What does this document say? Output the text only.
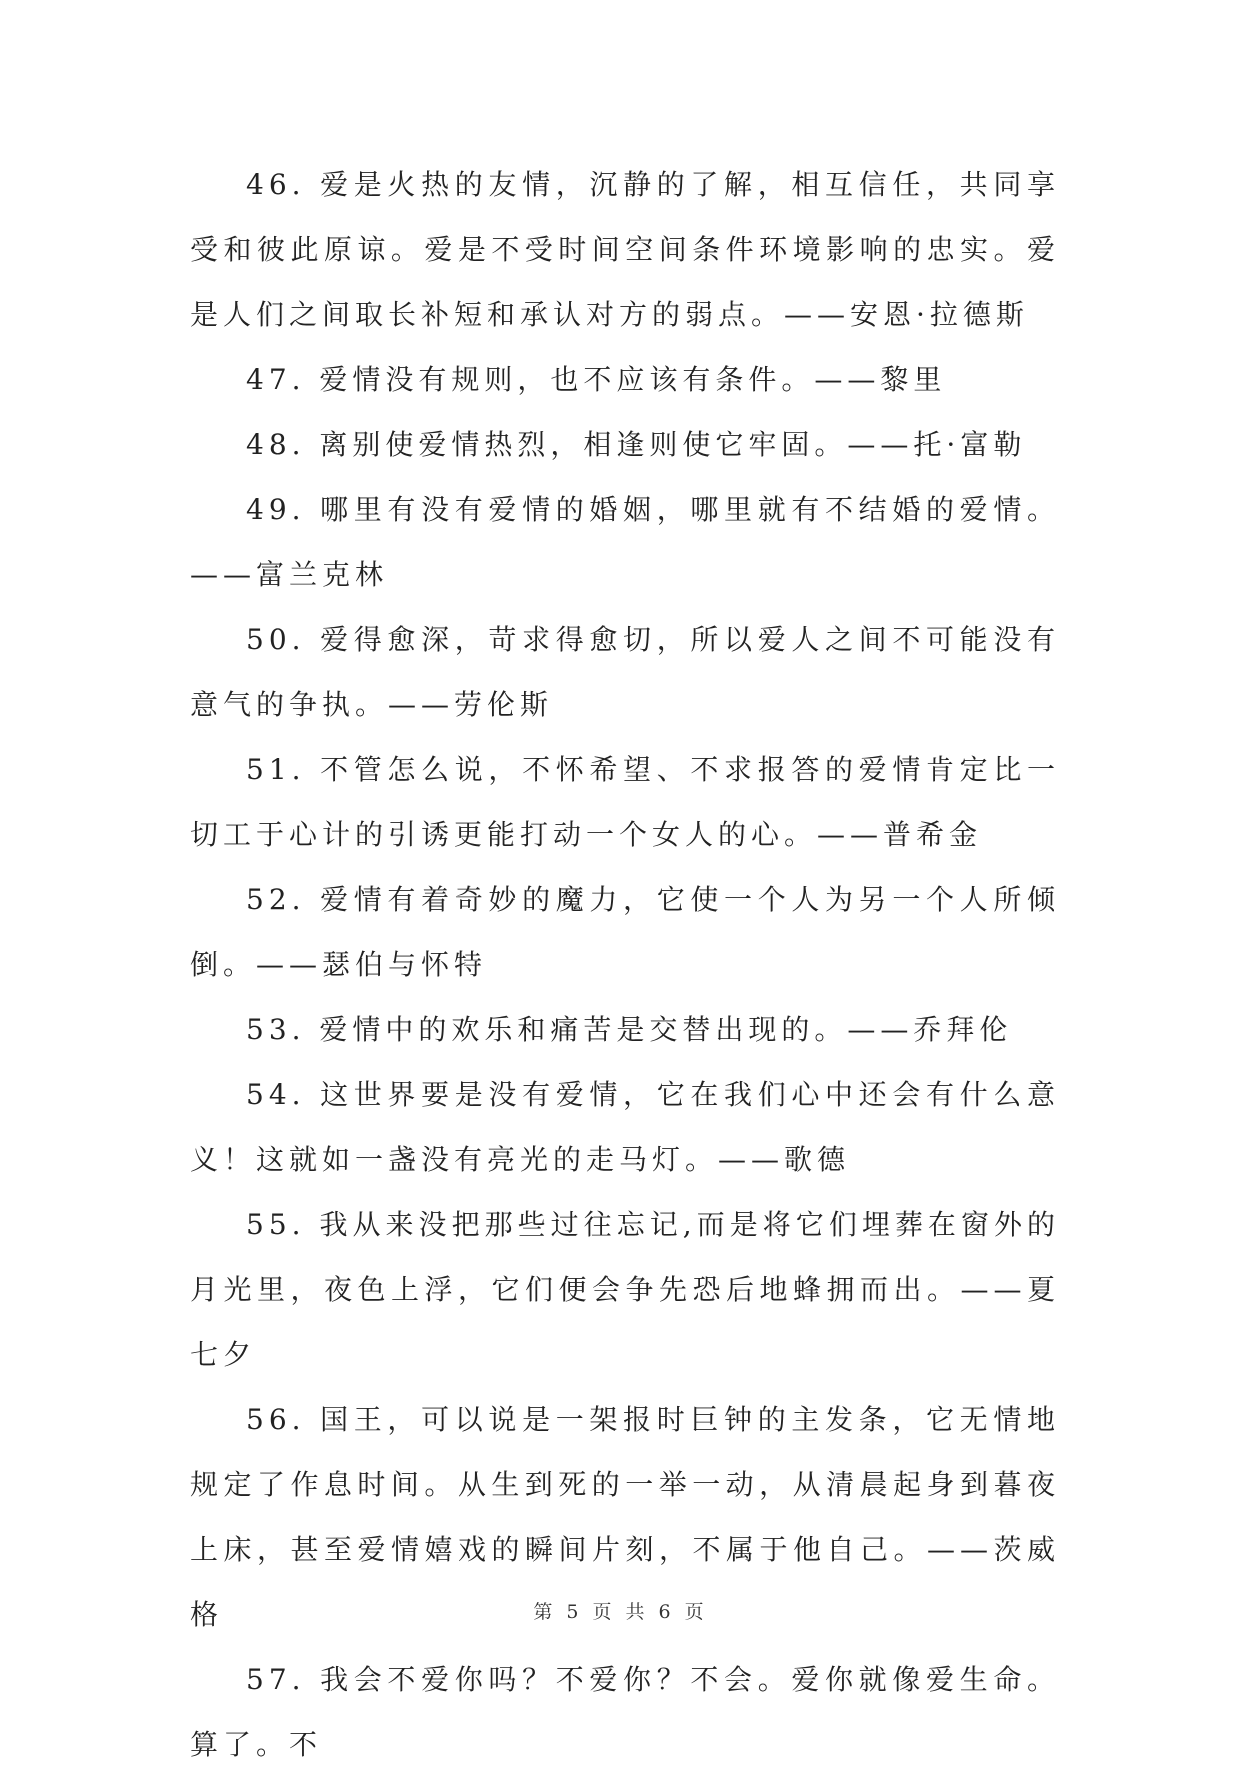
46. 爱是火热的友情，沉静的了解，相互信任，共同享受和彼此原谅。爱是不受时间空间条件环境影响的忠实。爱是人们之间取长补短和承认对方的弱点。——安恩·拉德斯

47. 爱情没有规则，也不应该有条件。——黎里

48. 离别使爱情热烈，相逢则使它牢固。——托·富勒

49. 哪里有没有爱情的婚姻，哪里就有不结婚的爱情。——富兰克林

50. 爱得愈深，苛求得愈切，所以爱人之间不可能没有意气的争执。——劳伦斯

51. 不管怎么说，不怀希望、不求报答的爱情肯定比一切工于心计的引诱更能打动一个女人的心。——普希金

52. 爱情有着奇妙的魔力，它使一个人为另一个人所倾倒。——瑟伯与怀特

53. 爱情中的欢乐和痛苦是交替出现的。——乔拜伦

54. 这世界要是没有爱情，它在我们心中还会有什么意义！这就如一盏没有亮光的走马灯。——歌德

55. 我从来没把那些过往忘记,而是将它们埋葬在窗外的月光里，夜色上浮，它们便会争先恐后地蜂拥而出。——夏七夕

56. 国王，可以说是一架报时巨钟的主发条，它无情地规定了作息时间。从生到死的一举一动，从清晨起身到暮夜上床，甚至爱情嬉戏的瞬间片刻，不属于他自己。——茨威格

57. 我会不爱你吗？不爱你？不会。爱你就像爱生命。算了。不

第 5 页 共 6 页
